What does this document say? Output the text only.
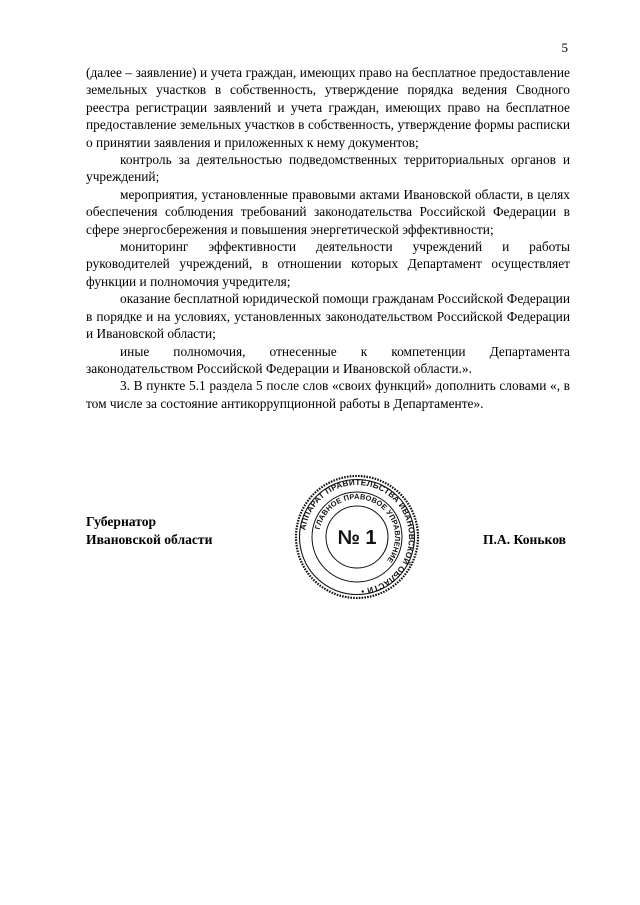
5

(далее – заявление) и учета граждан, имеющих право на бесплатное предоставление земельных участков в собственность, утверждение порядка ведения Сводного реестра регистрации заявлений и учета граждан, имеющих право на бесплатное предоставление земельных участков в собственность, утверждение формы расписки о принятии заявления и приложенных к нему документов;

контроль за деятельностью подведомственных территориальных органов и учреждений;

мероприятия, установленные правовыми актами Ивановской области, в целях обеспечения соблюдения требований законодательства Российской Федерации в сфере энергосбережения и повышения энергетической эффективности;

мониторинг эффективности деятельности учреждений и работы руководителей учреждений, в отношении которых Департамент осуществляет функции и полномочия учредителя;

оказание бесплатной юридической помощи гражданам Российской Федерации в порядке и на условиях, установленных законодательством Российской Федерации и Ивановской области;

иные полномочия, отнесенные к компетенции Департамента законодательством Российской Федерации и Ивановской области.».

3. В пункте 5.1 раздела 5 после слов «своих функций» дополнить словами «, в том числе за состояние антикоррупционной работы в Департаменте».

Губернатор
Ивановской области	П.А. Коньков
АППАРАТ ПРАВИТЕЛЬСТВА ИВАНОВСКОЙ ОБЛАСТИ •
ГЛАВНОЕ ПРАВОВОЕ УПРАВЛЕНИЕ
№ 1
